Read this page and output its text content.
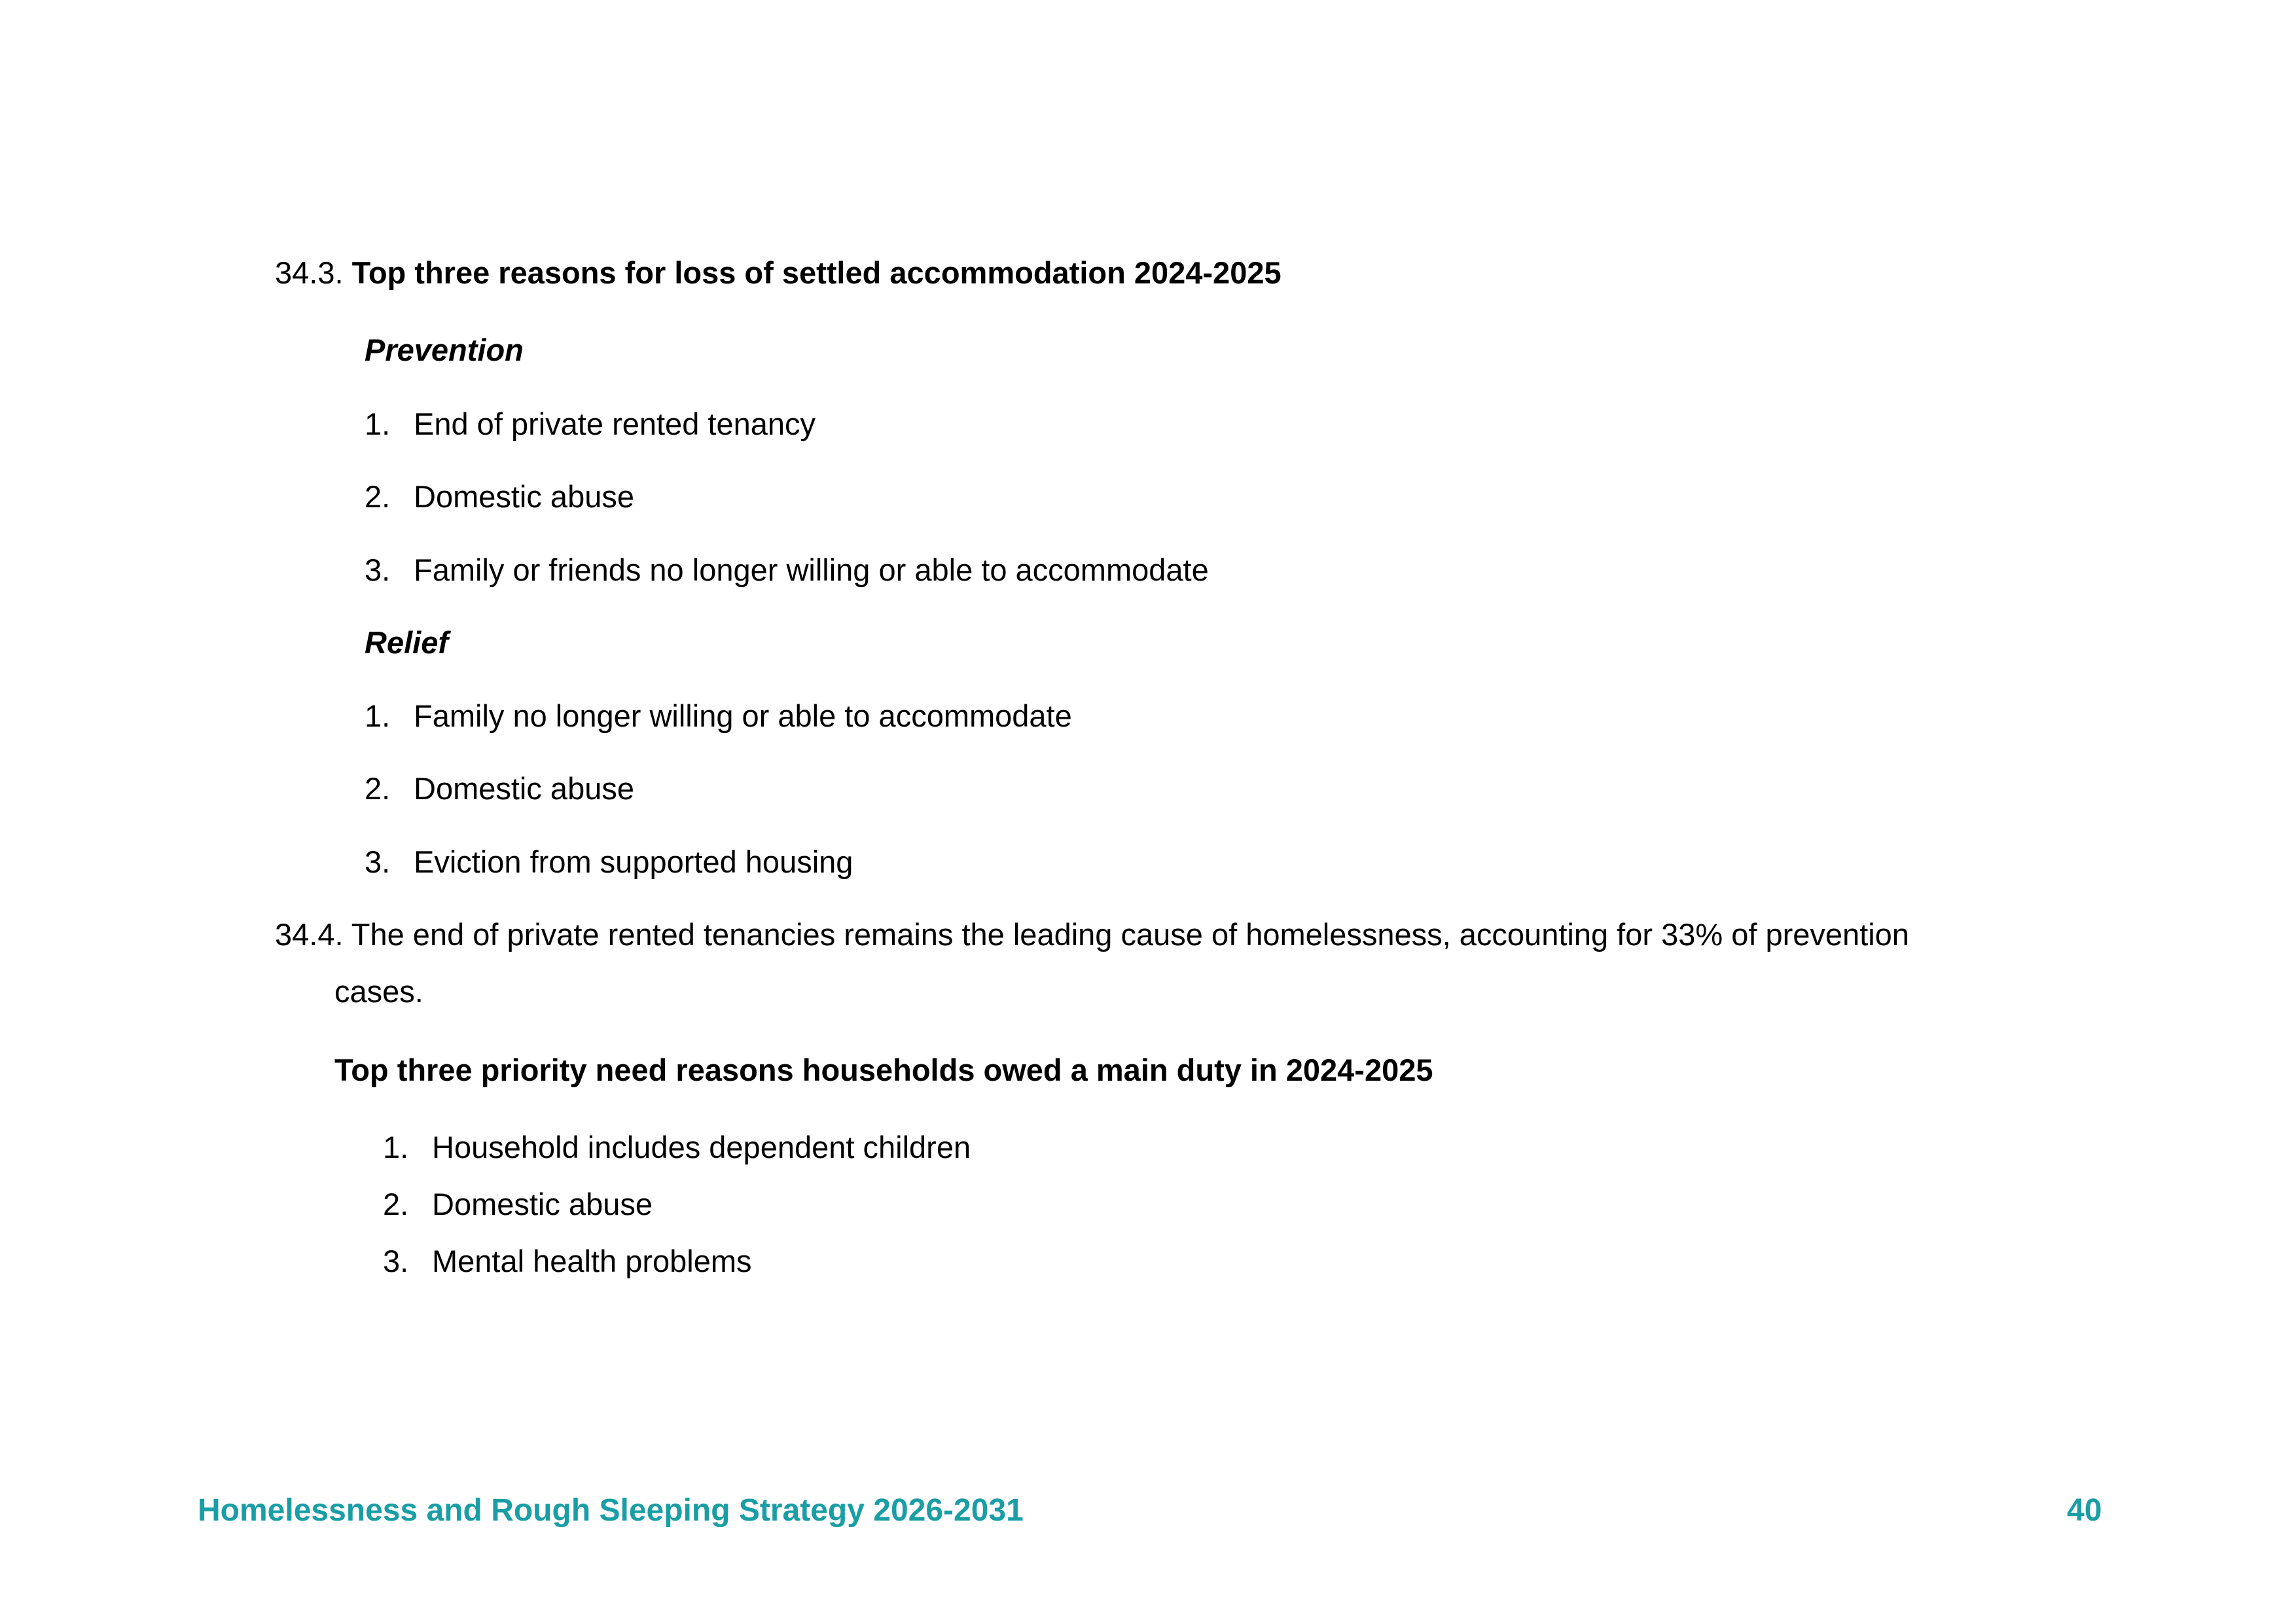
34.3. Top three reasons for loss of settled accommodation 2024-2025
Prevention
1. End of private rented tenancy
2. Domestic abuse
3. Family or friends no longer willing or able to accommodate
Relief
1. Family no longer willing or able to accommodate
2. Domestic abuse
3. Eviction from supported housing
34.4. The end of private rented tenancies remains the leading cause of homelessness, accounting for 33% of prevention
cases.
Top three priority need reasons households owed a main duty in 2024-2025
1. Household includes dependent children
2. Domestic abuse
3. Mental health problems
Homelessness and Rough Sleeping Strategy 2026-2031	40
